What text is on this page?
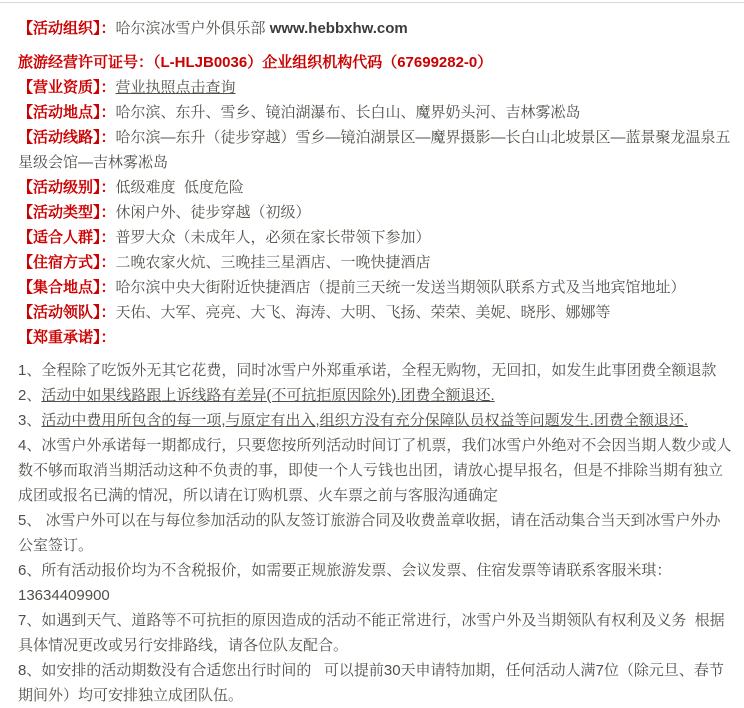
【活动组织】：哈尔滨冰雪户外俱乐部 www.hebbxhw.com

旅游经营许可证号：（L-HLJB0036）企业组织机构代码（67699282-0）

【营业资质】：营业执照点击查询

【活动地点】：哈尔滨、东升、雪乡、镜泊湖瀑布、长白山、魔界奶头河、吉林雾凇岛

【活动线路】：哈尔滨—东升（徒步穿越）雪乡—镜泊湖景区—魔界摄影—长白山北坡景区—蓝景聚龙温泉五星级会馆—吉林雾凇岛

【活动级别】：低级难度  低度危险

【活动类型】：休闲户外、徒步穿越（初级）

【适合人群】：普罗大众（未成年人，必须在家长带领下参加）

【住宿方式】：二晚农家火炕、三晚挂三星酒店、一晚快捷酒店

【集合地点】：哈尔滨中央大街附近快捷酒店（提前三天统一发送当期领队联系方式及当地宾馆地址）

【活动领队】：天佑、大军、亮亮、大飞、海涛、大明、飞扬、荣荣、美妮、晓彤、娜娜等

【郑重承诺】：

1、全程除了吃饭外无其它花费，同时冰雪户外郑重承诺，全程无购物，无回扣，如发生此事团费全额退款

2、活动中如果线路跟上诉线路有差异(不可抗拒原因除外).团费全额退还.

3、活动中费用所包含的每一项,与原定有出入,组织方没有充分保障队员权益等问题发生.团费全额退还.

4、冰雪户外承诺每一期都成行，只要您按所列活动时间订了机票，我们冰雪户外绝对不会因当期人数少或人数不够而取消当期活动这种不负责的事，即使一个人亏钱也出团，请放心提早报名，但是不排除当期有独立成团或报名已满的情况，所以请在订购机票、火车票之前与客服沟通确定

5、 冰雪户外可以在与每位参加活动的队友签订旅游合同及收费盖章收据，请在活动集合当天到冰雪户外办公室签订。

6、所有活动报价均为不含税报价，如需要正规旅游发票、会议发票、住宿发票等请联系客服米琪：13634409900

7、如遇到天气、道路等不可抗拒的原因造成的活动不能正常进行，冰雪户外及当期领队有权利及义务  根据具体情况更改或另行安排路线，请各位队友配合。

8、如安排的活动期数没有合适您出行时间的   可以提前30天申请特加期，任何活动人满7位（除元旦、春节期间外）均可安排独立成团队伍。
